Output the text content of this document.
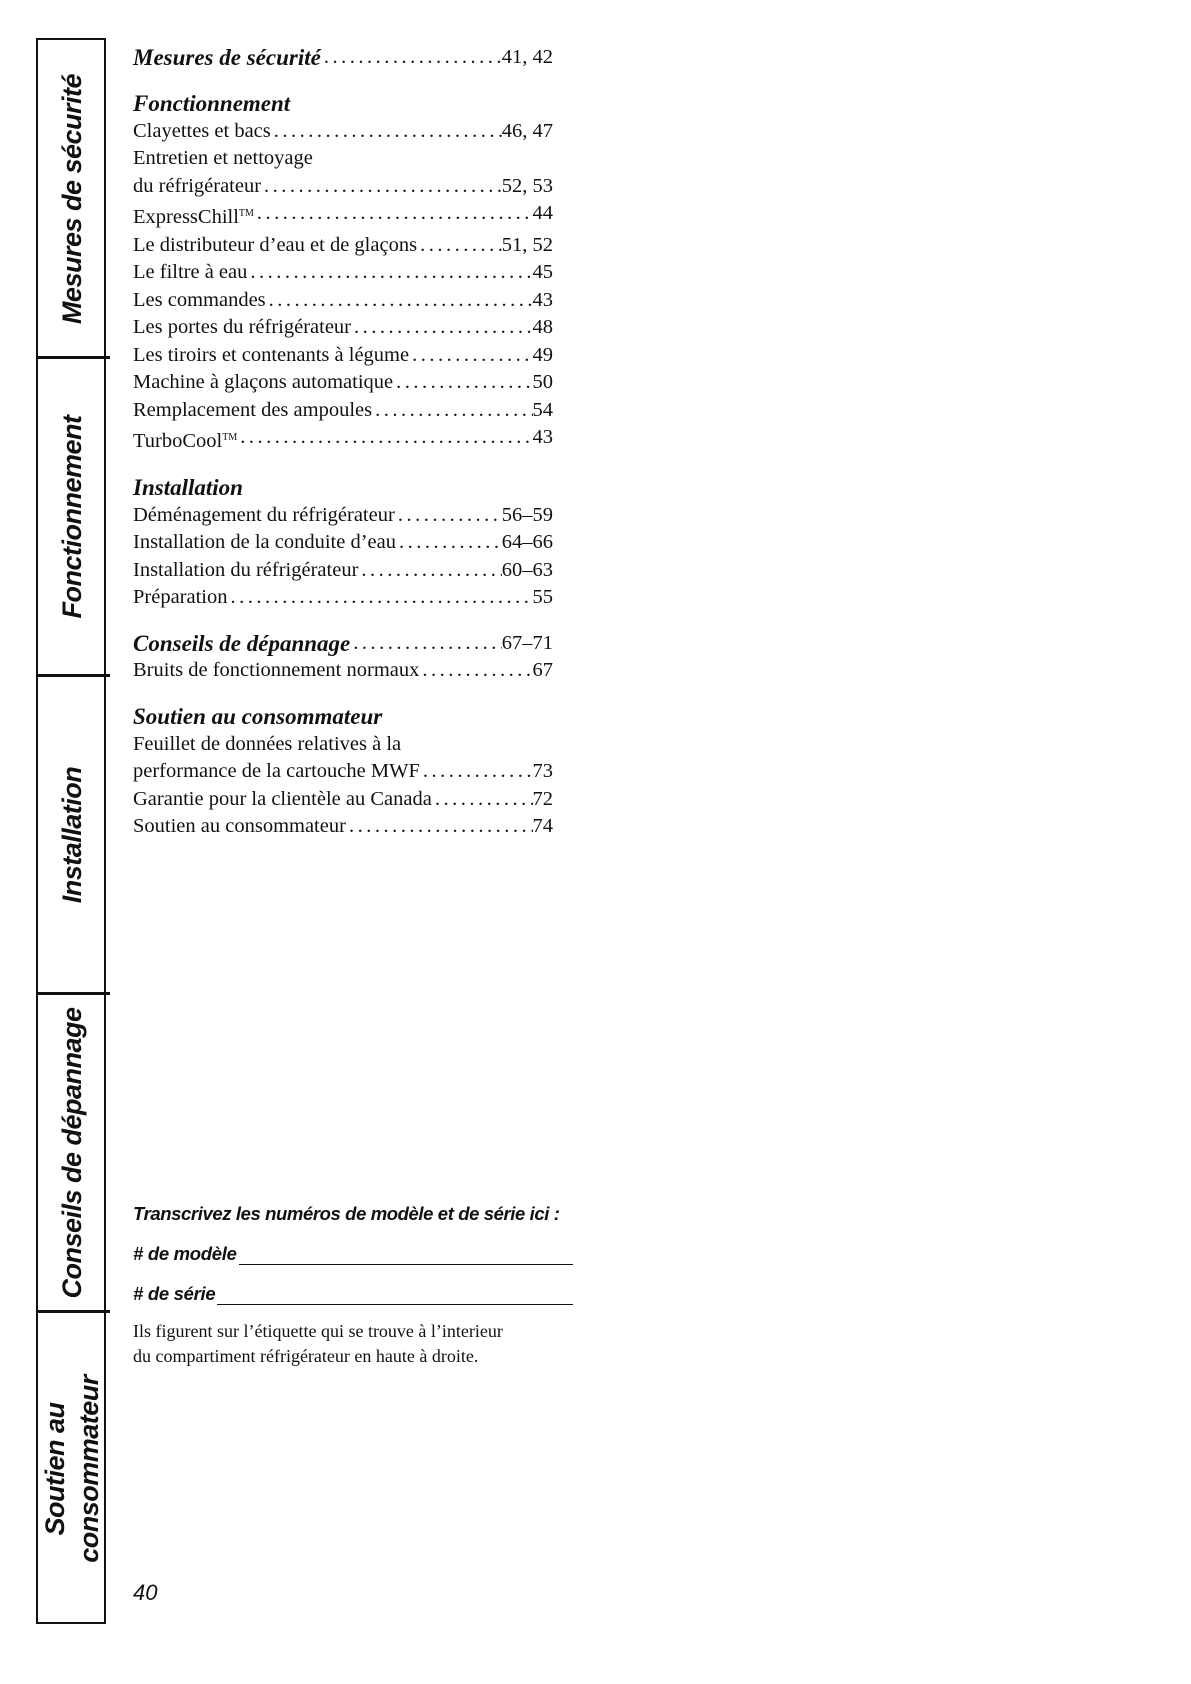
Mesures de sécurité
Fonctionnement
Installation
Conseils de dépannage
Soutien au consommateur
Mesures de sécurité .....	41, 42
Fonctionnement
Clayettes et bacs .....	46, 47
Entretien et nettoyage
du réfrigérateur .....	52, 53
ExpressChill™ .....	44
Le distributeur d’eau et de glaçons .....	51, 52
Le filtre à eau .....	45
Les commandes .....	43
Les portes du réfrigérateur .....	48
Les tiroirs et contenants à légume .....	49
Machine à glaçons automatique .....	50
Remplacement des ampoules .....	54
TurboCool™ .....	43
Installation
Déménagement du réfrigérateur .....	56–59
Installation de la conduite d’eau .....	64–66
Installation du réfrigérateur .....	60–63
Préparation .....	55
Conseils de dépannage .....	67–71
Bruits de fonctionnement normaux .....	67
Soutien au consommateur
Feuillet de données relatives à la
performance de la cartouche MWF .....	73
Garantie pour la clientèle au Canada .....	72
Soutien au consommateur .....	74
Transcrivez les numéros de modèle et de série ici :
# de modèle
# de série
Ils figurent sur l’étiquette qui se trouve à l’interieur
du compartiment réfrigérateur en haute à droite.
40
